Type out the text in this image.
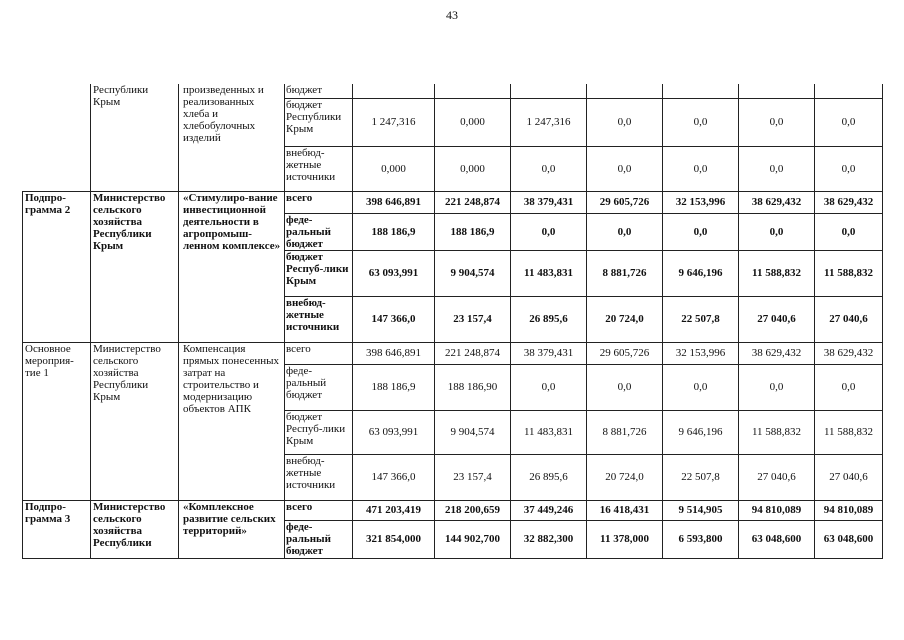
43
	Республики Крым	произведенных и реализованных хлеба и хлебобулочных изделий	бюджет							
			бюджет Республики Крым	1 247,316	0,000	1 247,316	0,0	0,0	0,0	0,0
			внебюд-жетные источники	0,000	0,000	0,0	0,0	0,0	0,0	0,0
Подпро-грамма 2	Министерство сельского хозяйства Республики Крым	«Стимулиро-вание инвестиционной деятельности в агропромыш-ленном комплексе»	всего	398 646,891	221 248,874	38 379,431	29 605,726	32 153,996	38 629,432	38 629,432
			феде-ральный бюджет	188 186,9	188 186,9	0,0	0,0	0,0	0,0	0,0
			бюджет Респуб-лики Крым	63 093,991	9 904,574	11 483,831	8 881,726	9 646,196	11 588,832	11 588,832
			внебюд-жетные источники	147 366,0	23 157,4	26 895,6	20 724,0	22 507,8	27 040,6	27 040,6
Основное мероприя-тие 1	Министерство сельского хозяйства Республики Крым	Компенсация прямых понесенных затрат на строительство и модернизацию объектов АПК	всего	398 646,891	221 248,874	38 379,431	29 605,726	32 153,996	38 629,432	38 629,432
			феде-ральный бюджет	188 186,9	188 186,90	0,0	0,0	0,0	0,0	0,0
			бюджет Респуб-лики Крым	63 093,991	9 904,574	11 483,831	8 881,726	9 646,196	11 588,832	11 588,832
			внебюд-жетные источники	147 366,0	23 157,4	26 895,6	20 724,0	22 507,8	27 040,6	27 040,6
Подпро-грамма 3	Министерство сельского хозяйства Республики	«Комплексное развитие сельских территорий»	всего	471 203,419	218 200,659	37 449,246	16 418,431	9 514,905	94 810,089	94 810,089
			феде-ральный бюджет	321 854,000	144 902,700	32 882,300	11 378,000	6 593,800	63 048,600	63 048,600
